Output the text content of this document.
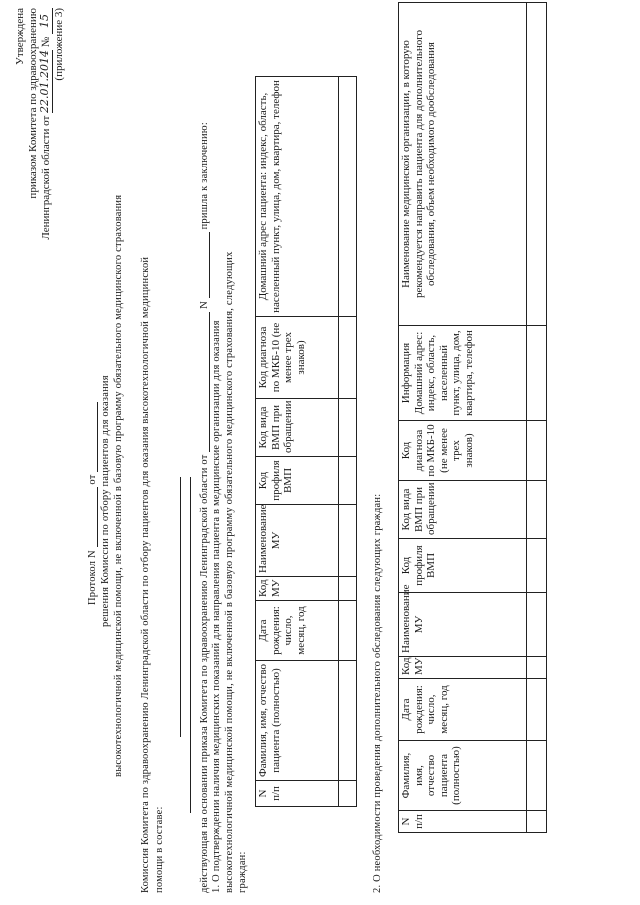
Утверждена приказом Комитета по здравоохранению Ленинградской области от 22.01.2014 № 15 (приложение 3)
Протокол N   от решения Комиссии по отбору пациентов для оказания высокотехнологичной медицинской помощи, не включенной в базовую программу обязательного медицинского страхования Комиссия Комитета по здравоохранению Ленинградской области по отбору пациентов для оказания высокотехнологичной медицинской помощи в составе:	действующая на основании приказа Комитета по здравоохранению Ленинградской области от   N   пришла к заключению:
1. О подтверждении наличия медицинских показаний для направления пациента в медицинские организации для оказания высокотехнологичной медицинской помощи, не включенной в базовую программу обязательного медицинского страхования, следующих граждан:
N п/п	Фамилия, имя, отчество пациента (полностью)	Дата рождения: число, месяц, год	Код МУ	Наименование МУ	Код профиля ВМП	Код вида ВМП при обращении	Код диагноза по МКБ-10 (не менее трех знаков)	Домашний адрес пациента: индекс, область, населенный пункт, улица, дом, квартира, телефон

2. О необходимости проведения дополнительного обследования следующих граждан: N п/п	Фамилия, имя, отчество пациента (полностью)	Дата рождения: число, месяц, год	Код МУ	Наименование МУ	Код профиля ВМП	Код вида ВМП при обращении	Код диагноза по МКБ-10 (не менее трех знаков)	Информация Домашний адрес: индекс, область, населенный пункт, улица, дом, квартира, телефон	Наименование медицинской организации, в которую рекомендуется направить пациента для дополнительного обследования, объем необходимого дообследования
